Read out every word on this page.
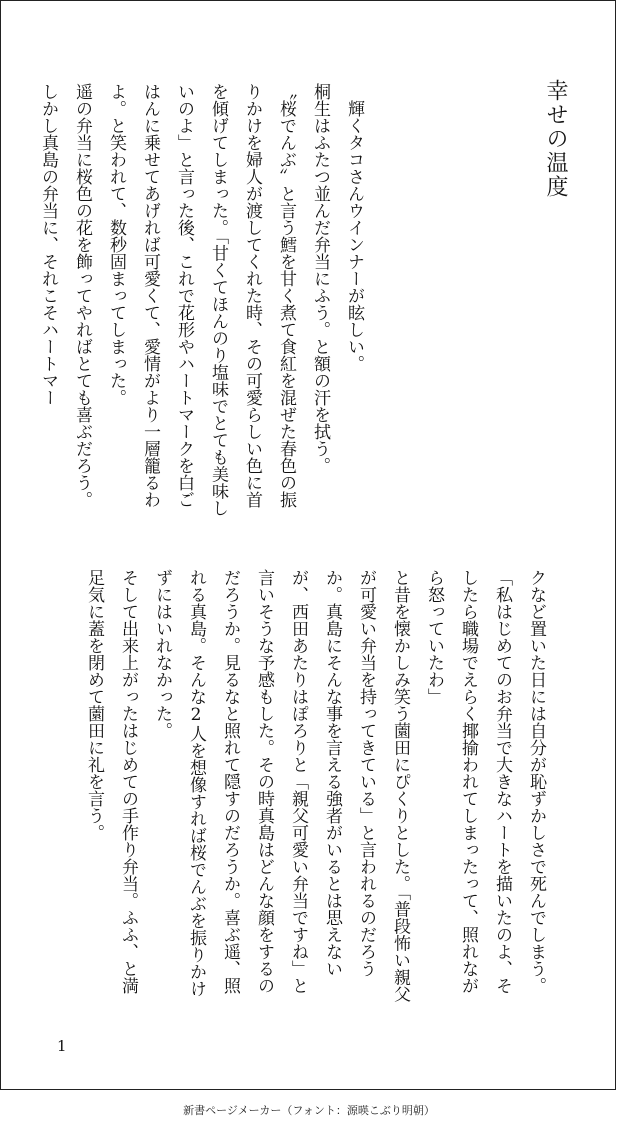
幸せの温度
　輝くタコさんウインナーが眩しい。
桐生はふたつ並んだ弁当にふう。と額の汗を拭う。
〝桜でんぶ〟と言う鱈を甘く煮て食紅を混ぜた春色の振りかけを婦人が渡してくれた時、その可愛らしい色に首を傾げてしまった。「甘くてほんのり塩味でとても美味しいのよ」と言った後、これで花形やハートマークを白ごはんに乗せてあげれば可愛くて、愛情がより一層籠るわよ。と笑われて、数秒固まってしまった。
遥の弁当に桜色の花を飾ってやればとても喜ぶだろう。しかし真島の弁当に、それこそハートマー
クなど置いた日には自分が恥ずかしさで死んでしまう。
「私はじめてのお弁当で大きなハートを描いたのよ、そしたら職場でえらく揶揄われてしまったって、照れながら怒っていたわ」
と昔を懐かしみ笑う薗田にぴくりとした。「普段怖い親父が可愛い弁当を持ってきている」と言われるのだろうか。真島にそんな事を言える強者がいるとは思えないが、西田あたりはぽろりと「親父可愛い弁当ですね」と言いそうな予感もした。その時真島はどんな顔をするのだろうか。見るなと照れて隠すのだろうか。喜ぶ遥、照れる真島。そんな2人を想像すれば桜でんぶを振りかけずにはいれなかった。
そして出来上がったはじめての手作り弁当。ふふ、と満足気に蓋を閉めて薗田に礼を言う。
1
新書ページメーカー（フォント：源暎こぶり明朝）
